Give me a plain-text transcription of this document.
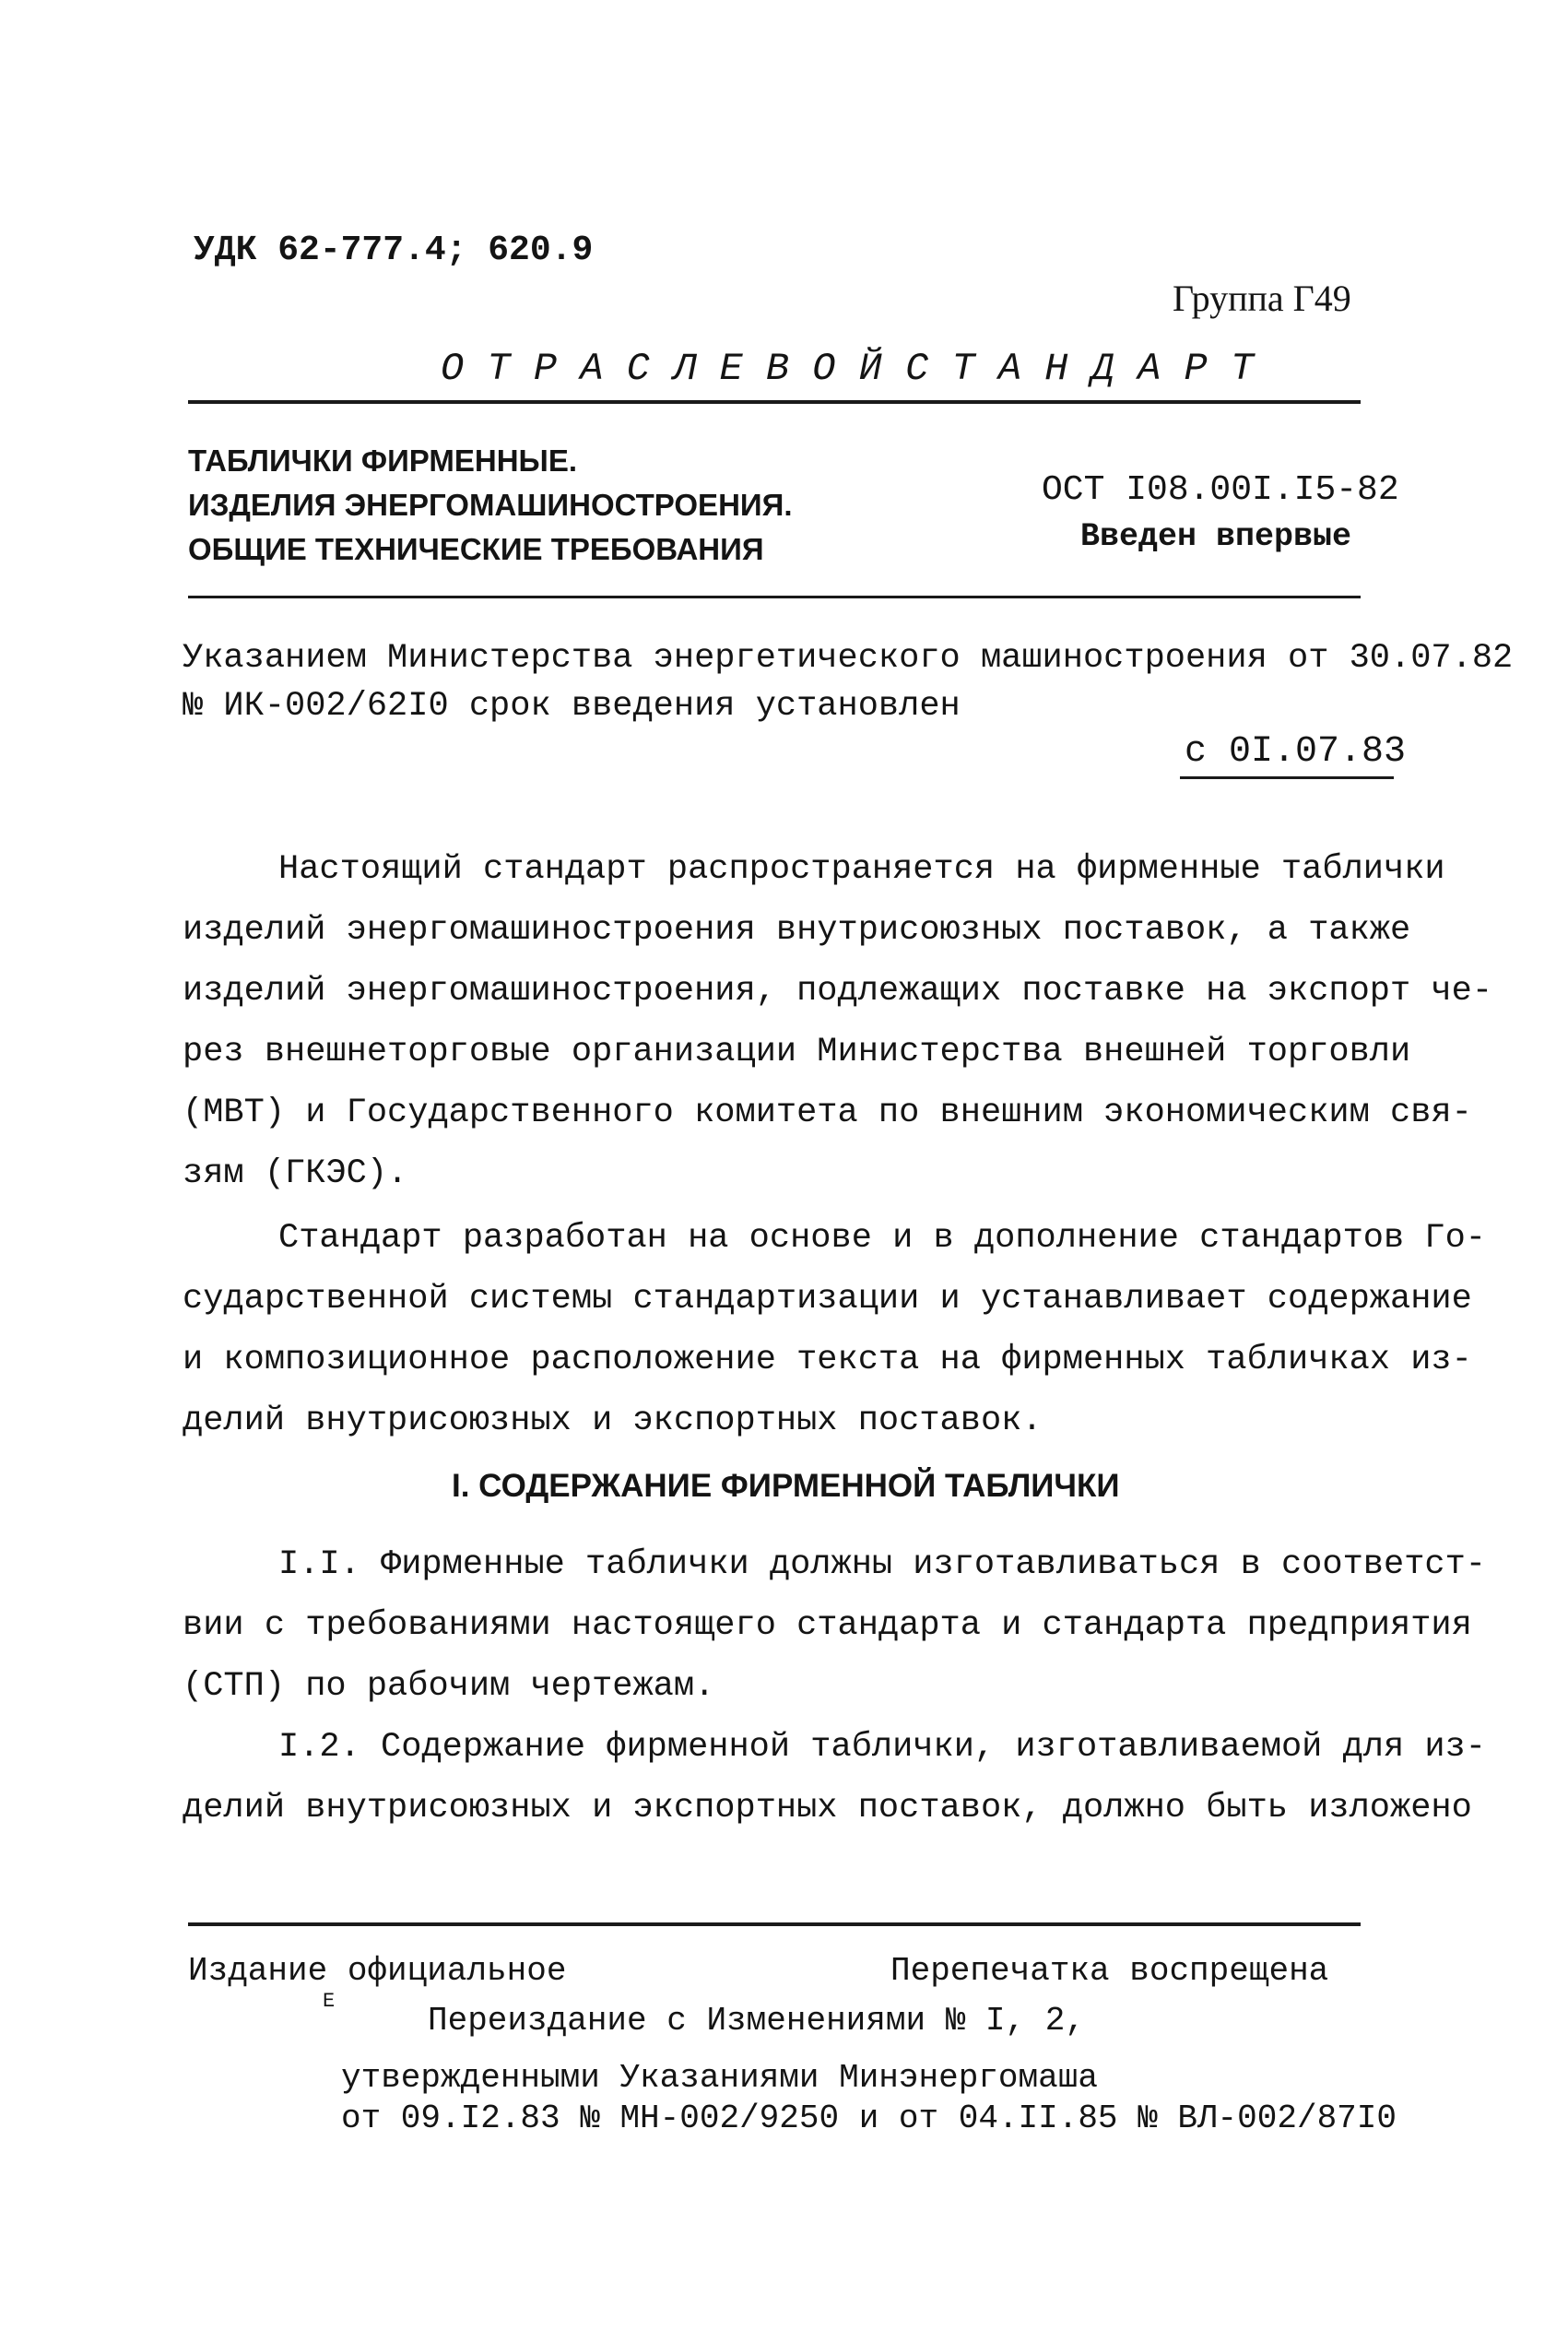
УДК 62-777.4; 620.9
Группа Г49
О Т Р А С Л Е В О Й С Т А Н Д А Р Т
ТАБЛИЧКИ ФИРМЕННЫЕ.
ИЗДЕЛИЯ ЭНЕРГОМАШИНОСТРОЕНИЯ.
ОБЩИЕ ТЕХНИЧЕСКИЕ ТРЕБОВАНИЯ
ОСТ I08.00I.I5-82
Введен впервые
Указанием Министерства энергетического машиностроения от 30.07.82
№ ИК-002/62I0 срок введения установлен
с 0I.07.83
Настоящий стандарт распространяется на фирменные таблички
изделий энергомашиностроения внутрисоюзных поставок, а также
изделий энергомашиностроения, подлежащих поставке на экспорт че-
рез внешнеторговые организации Министерства внешней торговли
(МВТ) и Государственного комитета по внешним экономическим свя-
зям (ГКЭС).
Стандарт разработан на основе и в дополнение стандартов Го-
сударственной системы стандартизации и устанавливает содержание
и композиционное расположение текста на фирменных табличках из-
делий внутрисоюзных и экспортных поставок.
I. СОДЕРЖАНИЕ ФИРМЕННОЙ ТАБЛИЧКИ
I.I. Фирменные таблички должны изготавливаться в соответст-
вии с требованиями настоящего стандарта и стандарта предприятия
(СТП) по рабочим чертежам.
I.2. Содержание фирменной таблички, изготавливаемой для из-
делий внутрисоюзных и экспортных поставок, должно быть изложено
Издание официальное	Перепечатка воспрещена
Е
Переиздание с Изменениями № I, 2,
утвержденными Указаниями Минэнергомаша
от 09.I2.83 № МН-002/9250 и от 04.II.85 № ВЛ-002/87I0
